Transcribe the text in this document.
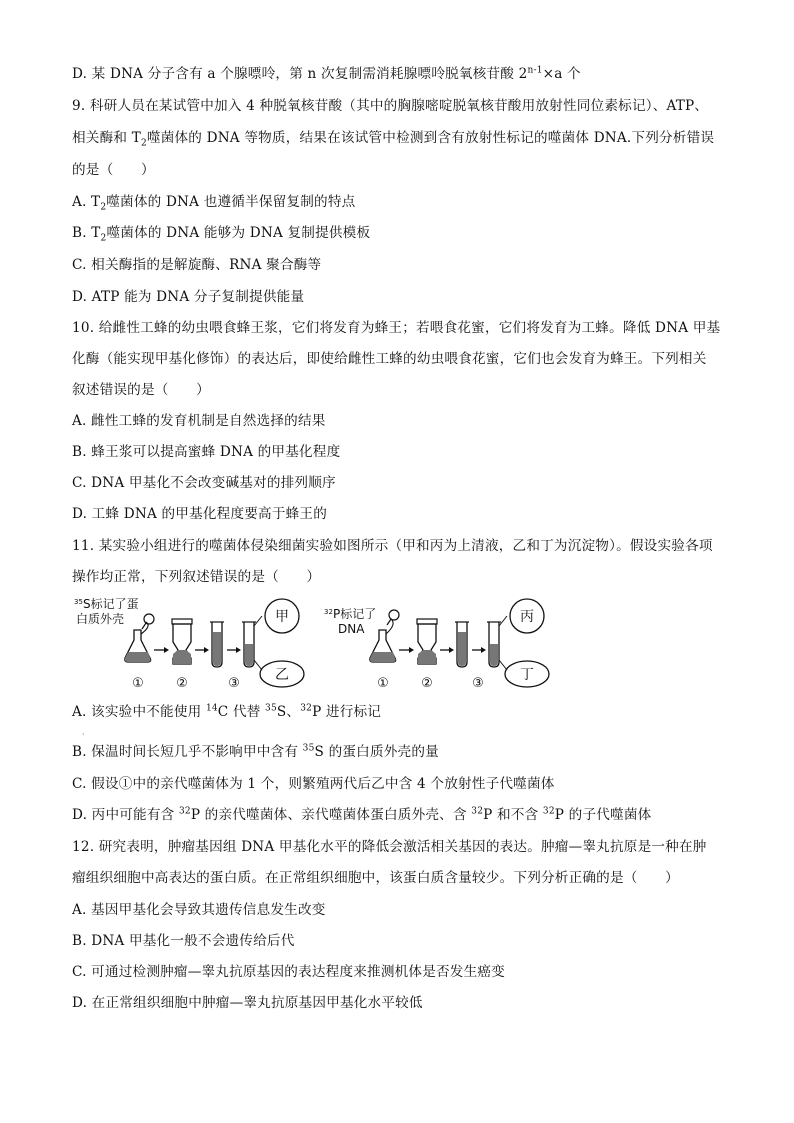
D. 某 DNA 分子含有 a 个腺嘌呤，第 n 次复制需消耗腺嘌呤脱氧核苷酸 $2^{n-1}\times a$ 个
9. 科研人员在某试管中加入 4 种脱氧核苷酸（其中的胸腺嘧啶脱氧核苷酸用放射性同位素标记）、ATP、
相关酶和 $T_2$噬菌体的 DNA 等物质，结果在该试管中检测到含有放射性标记的噬菌体 DNA.下列分析错误
的是（　　）
A. $T_2$噬菌体的 DNA 也遵循半保留复制的特点
B. $T_2$噬菌体的 DNA 能够为 DNA 复制提供模板
C. 相关酶指的是解旋酶、RNA 聚合酶等
D. ATP 能为 DNA 分子复制提供能量
10. 给雌性工蜂的幼虫喂食蜂王浆，它们将发育为蜂王；若喂食花蜜，它们将发育为工蜂。降低 DNA 甲基
化酶（能实现甲基化修饰）的表达后，即使给雌性工蜂的幼虫喂食花蜜，它们也会发育为蜂王。下列相关
叙述错误的是（　　）
A. 雌性工蜂的发育机制是自然选择的结果
B. 蜂王浆可以提高蜜蜂 DNA 的甲基化程度
C. DNA 甲基化不会改变碱基对的排列顺序
D. 工蜂 DNA 的甲基化程度要高于蜂王的
11. 某实验小组进行的噬菌体侵染细菌实验如图所示（甲和丙为上清液，乙和丁为沉淀物）。假设实验各项
操作均正常，下列叙述错误的是（　　）
35 S标记了蛋
白质外壳	甲
乙
① ②	③
32 P标记了
DNA
丙
丁
① ②	③
A. 该实验中不能使用 $^{14}$C 代替 $^{35}$S、$^{32}$P 进行标记
·
B. 保温时间长短几乎不影响甲中含有 $^{35}$S 的蛋白质外壳的量
C. 假设①中的亲代噬菌体为 1 个，则繁殖两代后乙中含 4 个放射性子代噬菌体
D. 丙中可能有含 $^{32}$P 的亲代噬菌体、亲代噬菌体蛋白质外壳、含 $^{32}$P 和不含 $^{32}$P 的子代噬菌体
12. 研究表明，肿瘤基因组 DNA 甲基化水平的降低会激活相关基因的表达。肿瘤—睾丸抗原是一种在肿
瘤组织细胞中高表达的蛋白质。在正常组织细胞中，该蛋白质含量较少。下列分析正确的是（　　）
A. 基因甲基化会导致其遗传信息发生改变
B. DNA 甲基化一般不会遗传给后代
C. 可通过检测肿瘤—睾丸抗原基因的表达程度来推测机体是否发生癌变
D. 在正常组织细胞中肿瘤—睾丸抗原基因甲基化水平较低
